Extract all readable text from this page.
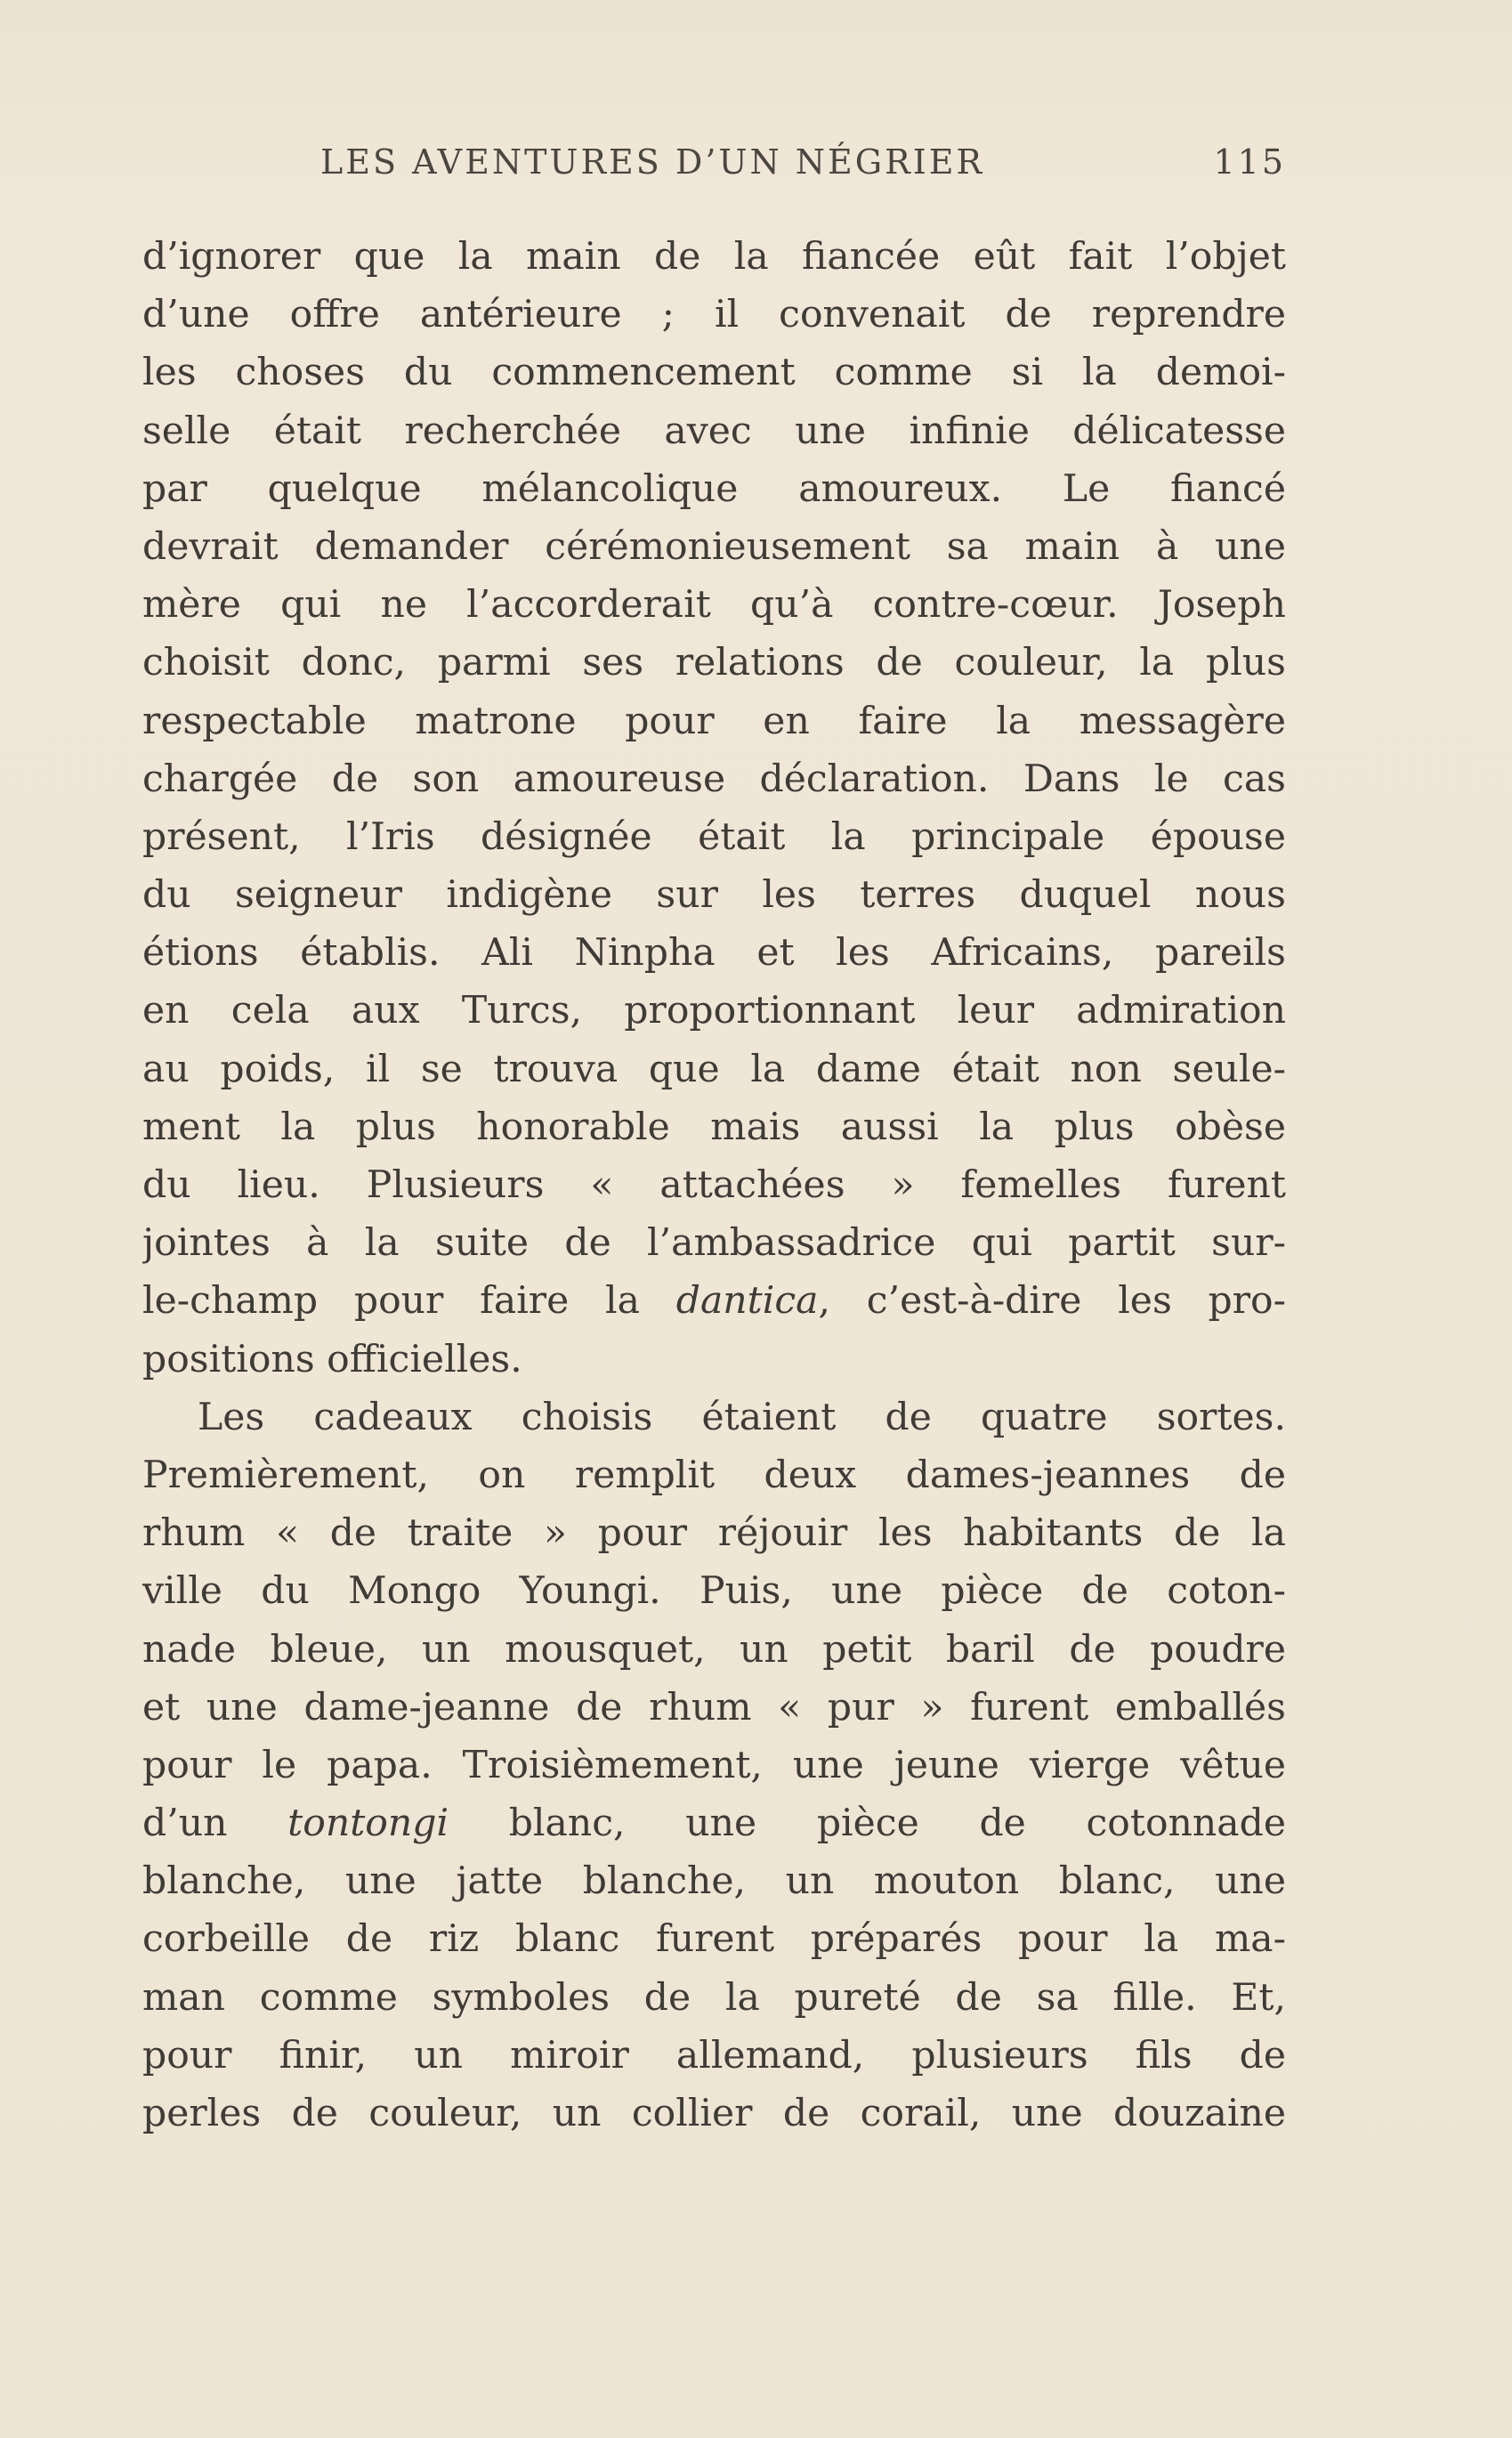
LES AVENTURES D’UN NÉGRIER	115
d’ignorer que la main de la fiancée eût fait l’objet
d’une offre antérieure ; il convenait de reprendre
les choses du commencement comme si la demoi-
selle était recherchée avec une infinie délicatesse
par quelque mélancolique amoureux. Le fiancé
devrait demander cérémonieusement sa main à une
mère qui ne l’accorderait qu’à contre-cœur. Joseph
choisit donc, parmi ses relations de couleur, la plus
respectable matrone pour en faire la messagère
chargée de son amoureuse déclaration. Dans le cas
présent, l’Iris désignée était la principale épouse
du seigneur indigène sur les terres duquel nous
étions établis. Ali Ninpha et les Africains, pareils
en cela aux Turcs, proportionnant leur admiration
au poids, il se trouva que la dame était non seule-
ment la plus honorable mais aussi la plus obèse
du lieu. Plusieurs « attachées » femelles furent
jointes à la suite de l’ambassadrice qui partit sur-
le-champ pour faire la dantica, c’est-à-dire les pro-
positions officielles.
Les cadeaux choisis étaient de quatre sortes.
Premièrement, on remplit deux dames-jeannes de
rhum « de traite » pour réjouir les habitants de la
ville du Mongo Youngi. Puis, une pièce de coton-
nade bleue, un mousquet, un petit baril de poudre
et une dame-jeanne de rhum « pur » furent emballés
pour le papa. Troisièmement, une jeune vierge vêtue
d’un tontongi blanc, une pièce de cotonnade
blanche, une jatte blanche, un mouton blanc, une
corbeille de riz blanc furent préparés pour la ma-
man comme symboles de la pureté de sa fille. Et,
pour finir, un miroir allemand, plusieurs fils de
perles de couleur, un collier de corail, une douzaine
